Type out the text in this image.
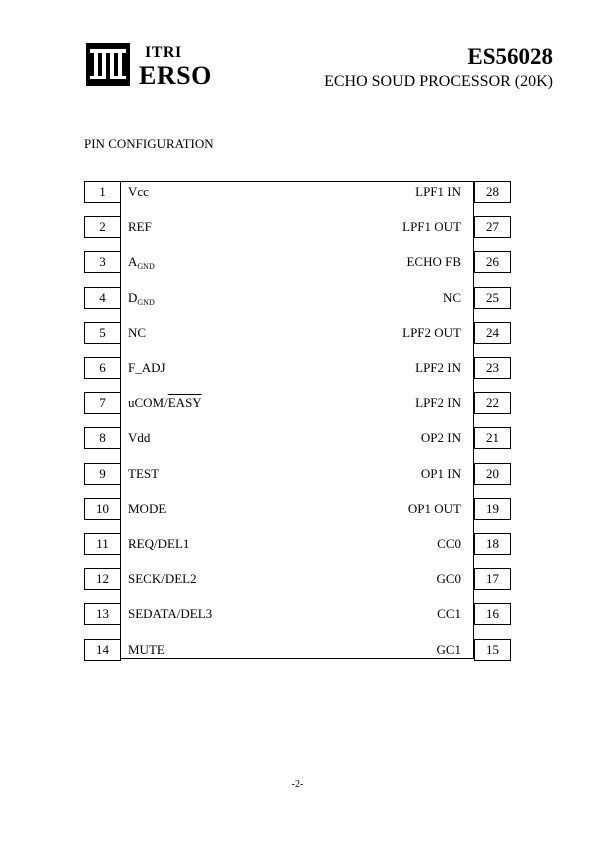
ITRI
ERSO
ES56028
ECHO SOUD PROCESSOR (20K)
PIN CONFIGURATION
1	Vcc	LPF1 IN	28
2	REF	LPF1 OUT	27
3	$A_{GND}$	ECHO FB	26
4	$D_{GND}$	NC	25
5	NC	LPF2 OUT	24
6	F_ADJ	LPF2 IN	23
7	uCOM/EASY	LPF2 IN	22
8	Vdd	OP2 IN	21
9	TEST	OP1 IN	20
10	MODE	OP1 OUT	19
11	REQ/DEL1	CC0	18
12	SECK/DEL2	GC0	17
13	SEDATA/DEL3	CC1	16
14	MUTE	GC1	15
-2-
